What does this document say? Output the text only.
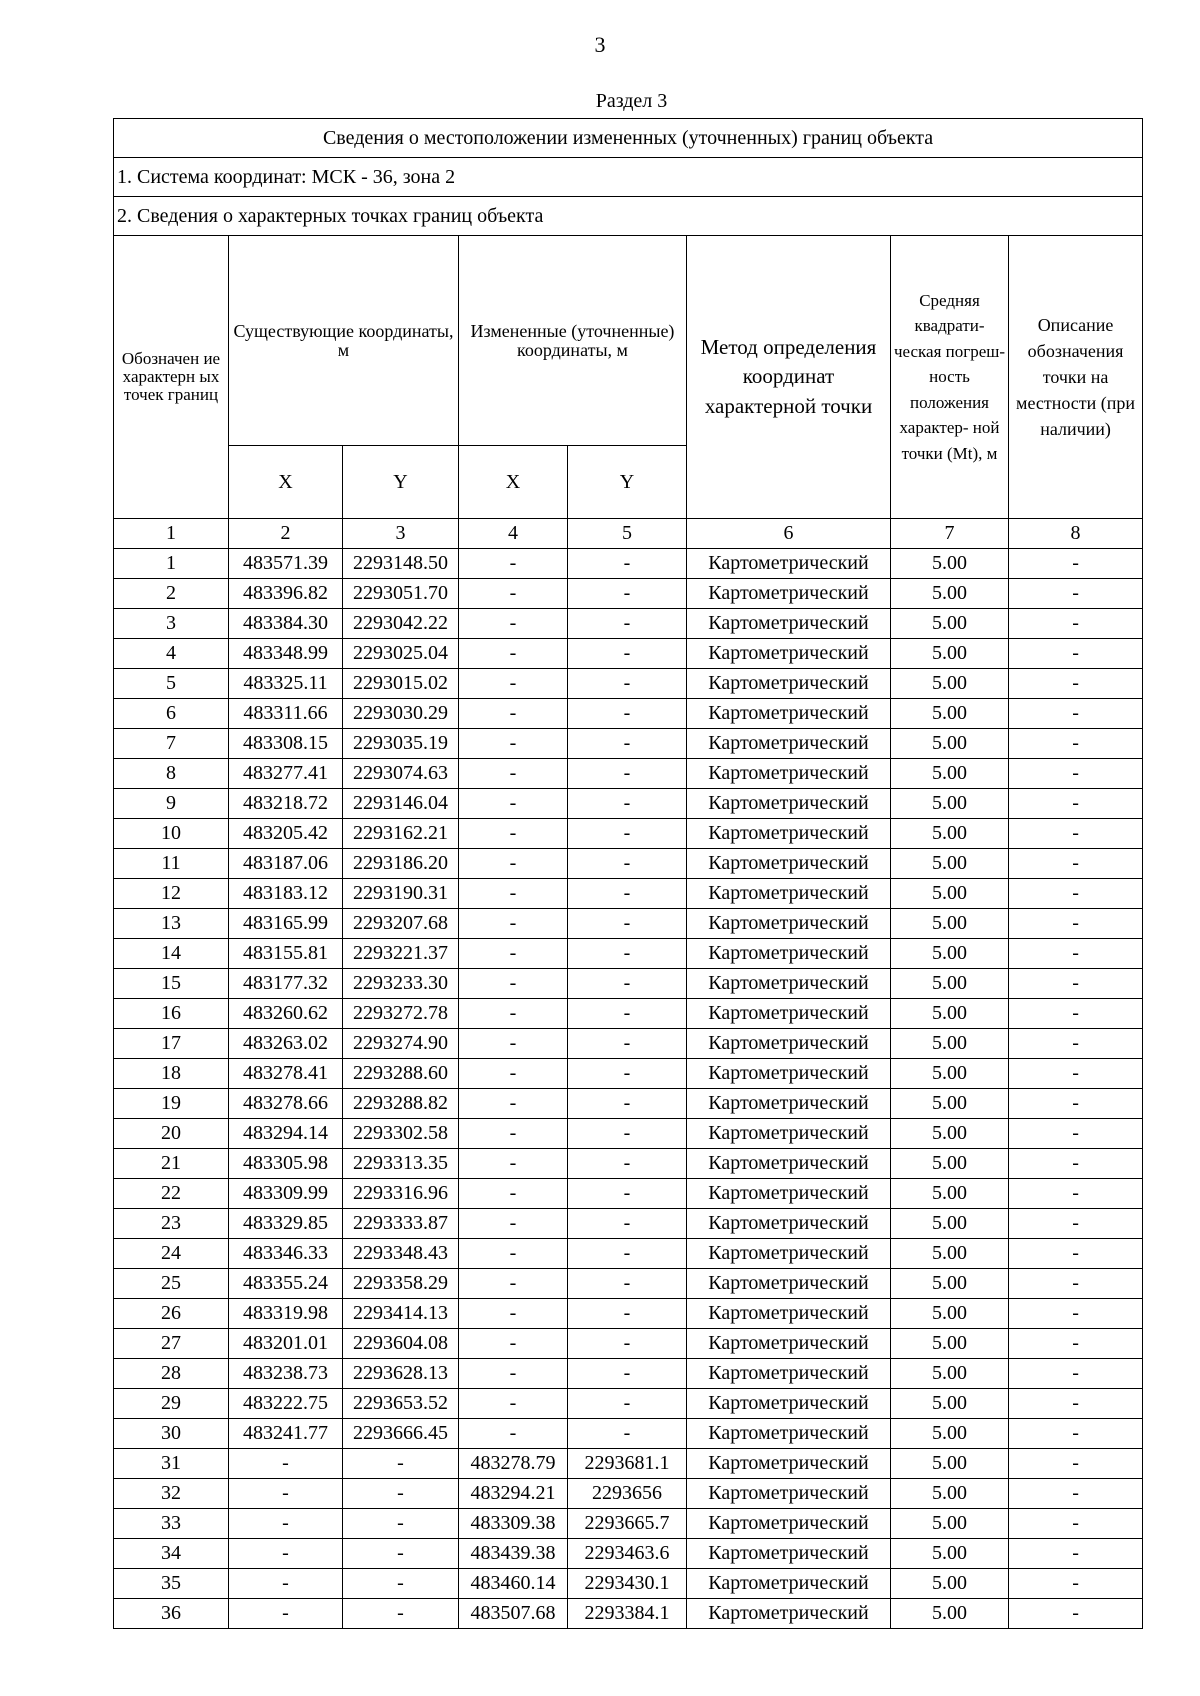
3
Раздел 3
Сведения о местоположении измененных (уточненных) границ объекта							
1. Система координат: МСК - 36, зона 2							
2. Сведения о характерных точках границ объекта							
Обозначен ие характерн ых точек границ	Существующие координаты, м		Измененные (уточненные) координаты, м		Метод определения координат характерной точки	Средняя квадрати- ческая погреш- ность положения характер- ной точки (Mt), м	Описание обозначения точки на местности (при наличии)
	X	Y	X	Y			
1	2	3	4	5	6	7	8
1	483571.39	2293148.50	-	-	Картометрический	5.00	-
2	483396.82	2293051.70	-	-	Картометрический	5.00	-
3	483384.30	2293042.22	-	-	Картометрический	5.00	-
4	483348.99	2293025.04	-	-	Картометрический	5.00	-
5	483325.11	2293015.02	-	-	Картометрический	5.00	-
6	483311.66	2293030.29	-	-	Картометрический	5.00	-
7	483308.15	2293035.19	-	-	Картометрический	5.00	-
8	483277.41	2293074.63	-	-	Картометрический	5.00	-
9	483218.72	2293146.04	-	-	Картометрический	5.00	-
10	483205.42	2293162.21	-	-	Картометрический	5.00	-
11	483187.06	2293186.20	-	-	Картометрический	5.00	-
12	483183.12	2293190.31	-	-	Картометрический	5.00	-
13	483165.99	2293207.68	-	-	Картометрический	5.00	-
14	483155.81	2293221.37	-	-	Картометрический	5.00	-
15	483177.32	2293233.30	-	-	Картометрический	5.00	-
16	483260.62	2293272.78	-	-	Картометрический	5.00	-
17	483263.02	2293274.90	-	-	Картометрический	5.00	-
18	483278.41	2293288.60	-	-	Картометрический	5.00	-
19	483278.66	2293288.82	-	-	Картометрический	5.00	-
20	483294.14	2293302.58	-	-	Картометрический	5.00	-
21	483305.98	2293313.35	-	-	Картометрический	5.00	-
22	483309.99	2293316.96	-	-	Картометрический	5.00	-
23	483329.85	2293333.87	-	-	Картометрический	5.00	-
24	483346.33	2293348.43	-	-	Картометрический	5.00	-
25	483355.24	2293358.29	-	-	Картометрический	5.00	-
26	483319.98	2293414.13	-	-	Картометрический	5.00	-
27	483201.01	2293604.08	-	-	Картометрический	5.00	-
28	483238.73	2293628.13	-	-	Картометрический	5.00	-
29	483222.75	2293653.52	-	-	Картометрический	5.00	-
30	483241.77	2293666.45	-	-	Картометрический	5.00	-
31	-	-	483278.79	2293681.1	Картометрический	5.00	-
32	-	-	483294.21	2293656	Картометрический	5.00	-
33	-	-	483309.38	2293665.7	Картометрический	5.00	-
34	-	-	483439.38	2293463.6	Картометрический	5.00	-
35	-	-	483460.14	2293430.1	Картометрический	5.00	-
36	-	-	483507.68	2293384.1	Картометрический	5.00	-
